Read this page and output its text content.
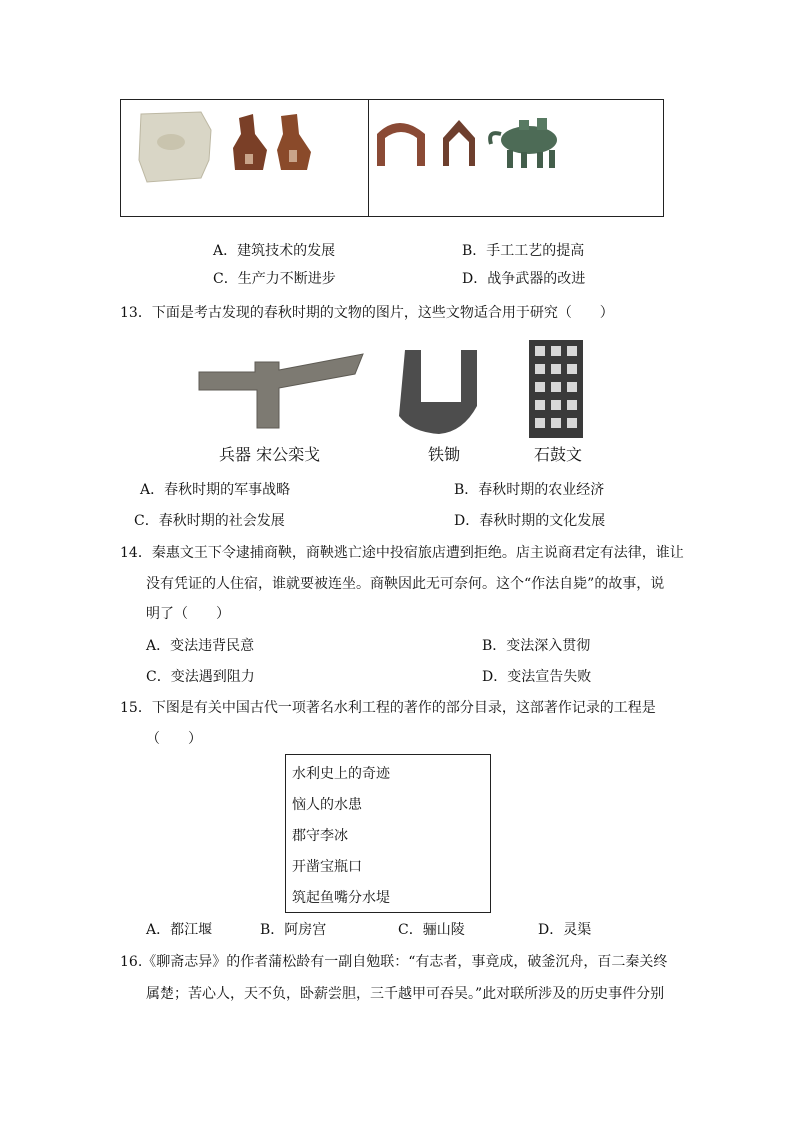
A．建筑技术的发展	B．手工工艺的提高
C．生产力不断进步	D．战争武器的改进
13．下面是考古发现的春秋时期的文物的图片，这些文物适合用于研究（　　）
兵器 宋公栾戈	铁锄	石鼓文
A．春秋时期的军事战略	B．春秋时期的农业经济
C．春秋时期的社会发展	D．春秋时期的文化发展
14．秦惠文王下令逮捕商鞅，商鞅逃亡途中投宿旅店遭到拒绝。店主说商君定有法律，谁让
没有凭证的人住宿，谁就要被连坐。商鞅因此无可奈何。这个“作法自毙”的故事，说
明了（　　）
A．变法违背民意	B．变法深入贯彻
C．变法遇到阻力	D．变法宣告失败
15．下图是有关中国古代一项著名水利工程的著作的部分目录，这部著作记录的工程是
（　　）
水利史上的奇迹
恼人的水患
郡守李冰
开凿宝瓶口
筑起鱼嘴分水堤
A．都江堰	B．阿房宫	C．骊山陵	D．灵渠
16.《聊斋志异》的作者蒲松龄有一副自勉联：“有志者，事竟成，破釜沉舟，百二秦关终
属楚；苦心人，天不负，卧薪尝胆，三千越甲可吞吴。”此对联所涉及的历史事件分别
